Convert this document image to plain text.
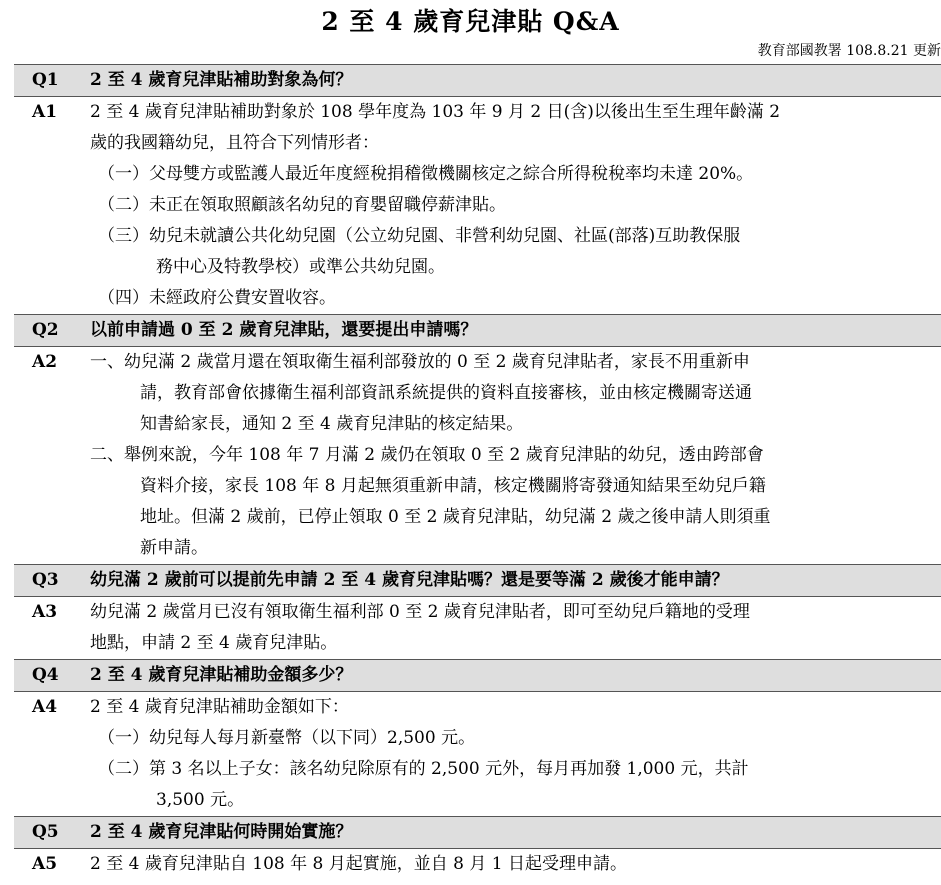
2 至 4 歲育兒津貼 Q&A
教育部國教署 108.8.21 更新
Q1	2 至 4 歲育兒津貼補助對象為何？
A1	2 至 4 歲育兒津貼補助對象於 108 學年度為 103 年 9 月 2 日(含)以後出生至生理年齡滿 2
歲的我國籍幼兒，且符合下列情形者：
（一）父母雙方或監護人最近年度經稅捐稽徵機關核定之綜合所得稅稅率均未達 20%。
（二）未正在領取照顧該名幼兒的育嬰留職停薪津貼。
（三）幼兒未就讀公共化幼兒園（公立幼兒園、非營利幼兒園、社區(部落)互助教保服
務中心及特教學校）或準公共幼兒園。
（四）未經政府公費安置收容。
Q2	以前申請過 0 至 2 歲育兒津貼，還要提出申請嗎？
A2	一、幼兒滿 2 歲當月還在領取衛生福利部發放的 0 至 2 歲育兒津貼者，家長不用重新申
請，教育部會依據衛生福利部資訊系統提供的資料直接審核，並由核定機關寄送通
知書給家長，通知 2 至 4 歲育兒津貼的核定結果。
二、舉例來說，今年 108 年 7 月滿 2 歲仍在領取 0 至 2 歲育兒津貼的幼兒，透由跨部會
資料介接，家長 108 年 8 月起無須重新申請，核定機關將寄發通知結果至幼兒戶籍
地址。但滿 2 歲前，已停止領取 0 至 2 歲育兒津貼，幼兒滿 2 歲之後申請人則須重
新申請。
Q3	幼兒滿 2 歲前可以提前先申請 2 至 4 歲育兒津貼嗎？還是要等滿 2 歲後才能申請？
A3	幼兒滿 2 歲當月已沒有領取衛生福利部 0 至 2 歲育兒津貼者，即可至幼兒戶籍地的受理
地點，申請 2 至 4 歲育兒津貼。
Q4	2 至 4 歲育兒津貼補助金額多少？
A4	2 至 4 歲育兒津貼補助金額如下：
（一）幼兒每人每月新臺幣（以下同）2,500 元。
（二）第 3 名以上子女：該名幼兒除原有的 2,500 元外，每月再加發 1,000 元，共計
3,500 元。
Q5	2 至 4 歲育兒津貼何時開始實施？
A5	2 至 4 歲育兒津貼自 108 年 8 月起實施，並自 8 月 1 日起受理申請。
